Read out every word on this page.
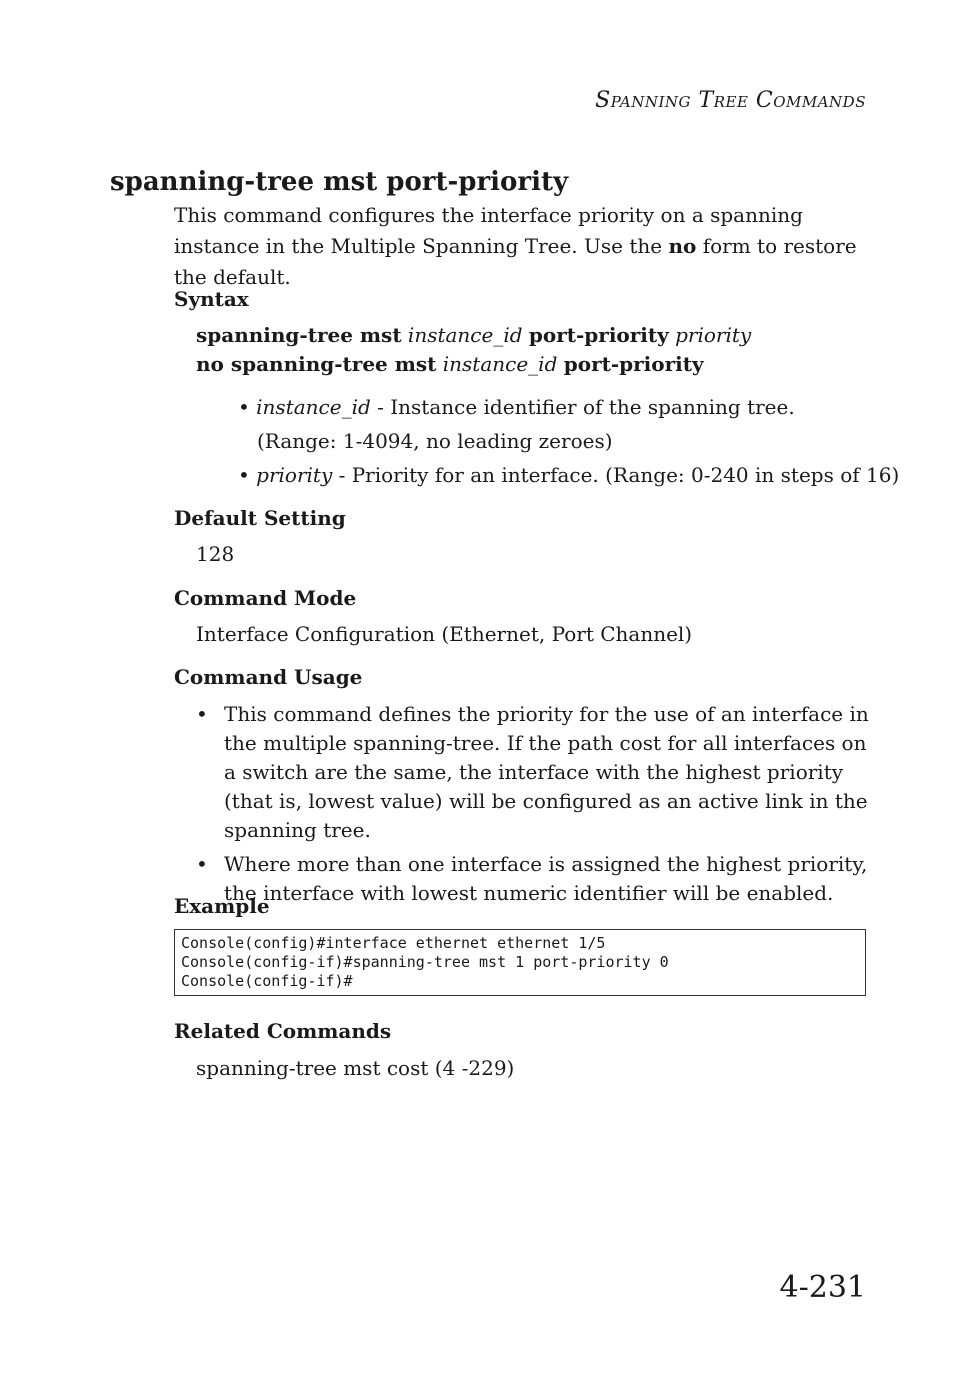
Spanning Tree Commands
spanning-tree mst port-priority
This command configures the interface priority on a spanning instance in the Multiple Spanning Tree. Use the no form to restore the default.
Syntax
spanning-tree mst instance_id port-priority priority
no spanning-tree mst instance_id port-priority
• instance_id - Instance identifier of the spanning tree.
(Range: 1-4094, no leading zeroes)
• priority - Priority for an interface. (Range: 0-240 in steps of 16)
Default Setting
128
Command Mode
Interface Configuration (Ethernet, Port Channel)
Command Usage
• This command defines the priority for the use of an interface in the multiple spanning-tree. If the path cost for all interfaces on a switch are the same, the interface with the highest priority (that is, lowest value) will be configured as an active link in the spanning tree.
• Where more than one interface is assigned the highest priority, the interface with lowest numeric identifier will be enabled.
Example
Console(config)#interface ethernet ethernet 1/5
Console(config-if)#spanning-tree mst 1 port-priority 0
Console(config-if)#
Related Commands
spanning-tree mst cost (4 -229)
4-231
